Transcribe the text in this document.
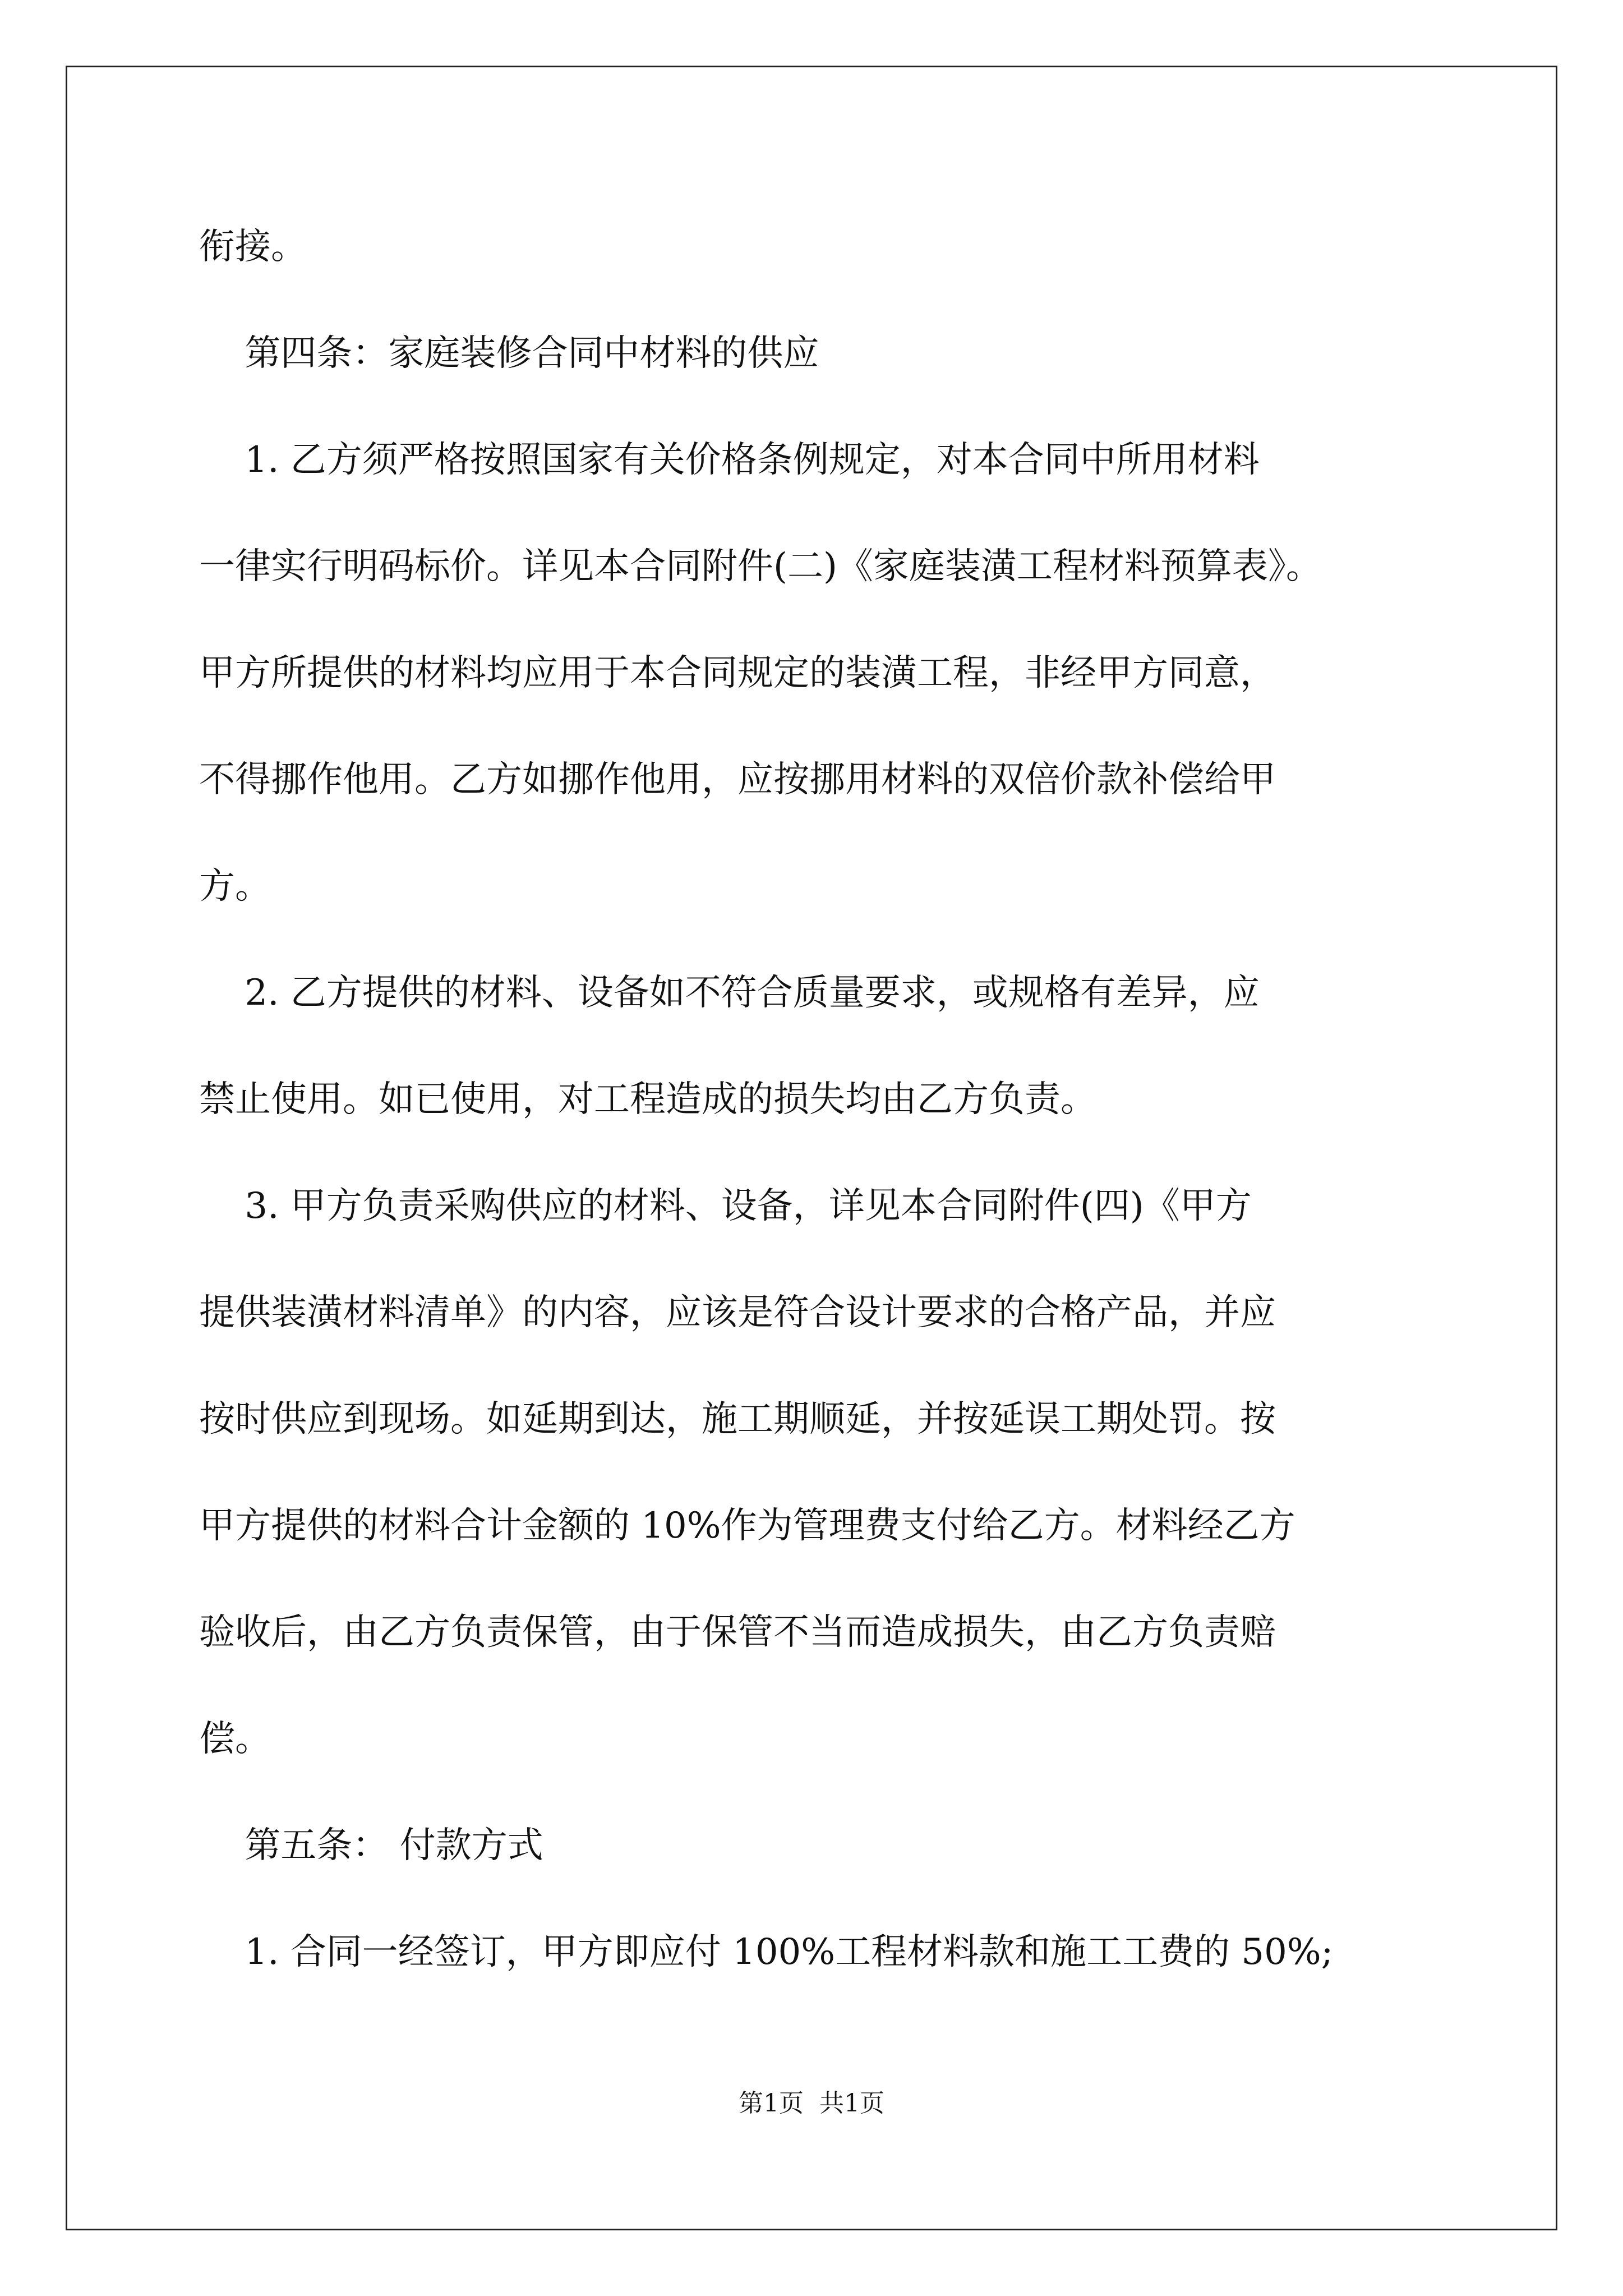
衔接。
第四条：家庭装修合同中材料的供应
1. 乙方须严格按照国家有关价格条例规定，对本合同中所用材料
一律实行明码标价。详见本合同附件(二)《家庭装潢工程材料预算表》。
甲方所提供的材料均应用于本合同规定的装潢工程，非经甲方同意，
不得挪作他用。乙方如挪作他用，应按挪用材料的双倍价款补偿给甲
方。
2. 乙方提供的材料、设备如不符合质量要求，或规格有差异，应
禁止使用。如已使用，对工程造成的损失均由乙方负责。
3. 甲方负责采购供应的材料、设备，详见本合同附件(四)《甲方
提供装潢材料清单》的内容，应该是符合设计要求的合格产品，并应
按时供应到现场。如延期到达，施工期顺延，并按延误工期处罚。按
甲方提供的材料合计金额的 10%作为管理费支付给乙方。材料经乙方
验收后，由乙方负责保管，由于保管不当而造成损失，由乙方负责赔
偿。
第五条： 付款方式
1. 合同一经签订，甲方即应付 100%工程材料款和施工工费的 50%;
第1页  共1页
